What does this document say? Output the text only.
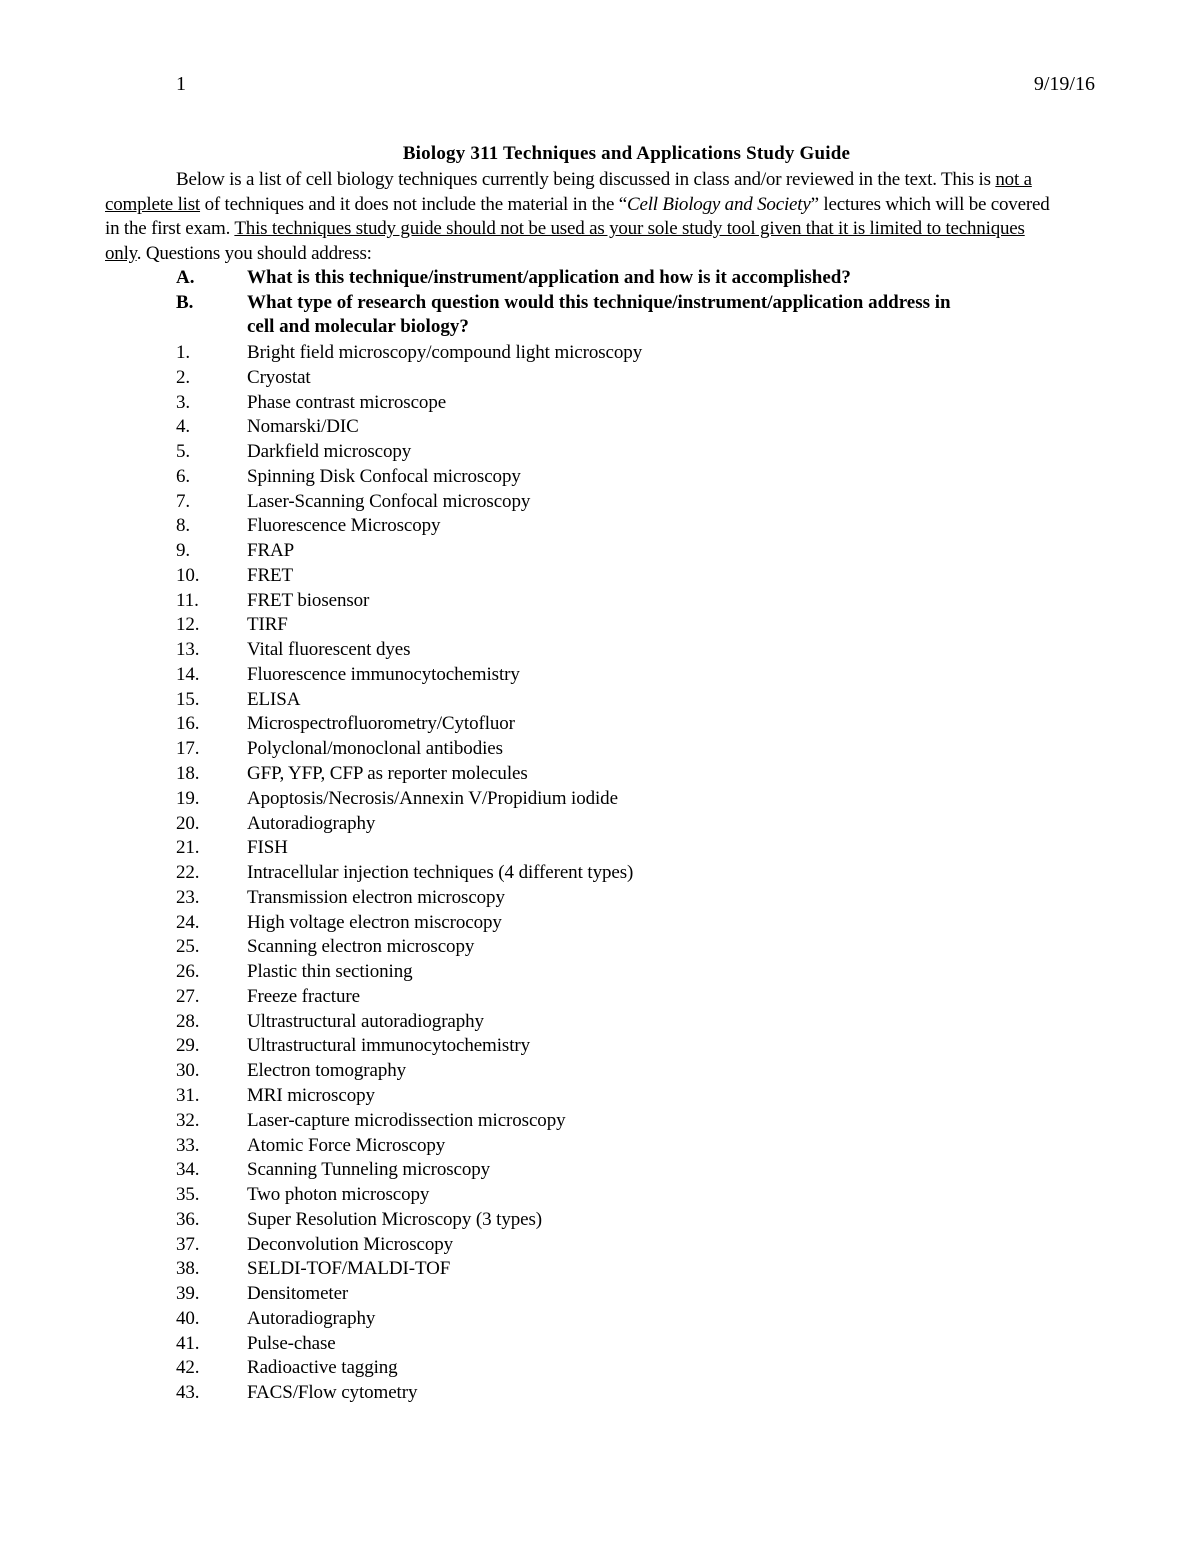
1	9/19/16
Biology 311 Techniques and Applications Study Guide
Below is a list of cell biology techniques currently being discussed in class and/or reviewed in the text. This is not a complete list of techniques and it does not include the material in the “Cell Biology and Society” lectures which will be covered in the first exam. This techniques study guide should not be used as your sole study tool given that it is limited to techniques only. Questions you should address:
A.	What is this technique/instrument/application and how is it accomplished?
B.	What type of research question would this technique/instrument/application address in cell and molecular biology?
1.	Bright field microscopy/compound light microscopy
2.	Cryostat
3.	Phase contrast microscope
4.	Nomarski/DIC
5.	Darkfield microscopy
6.	Spinning Disk Confocal microscopy
7.	Laser-Scanning Confocal microscopy
8.	Fluorescence Microscopy
9.	FRAP
10.	FRET
11.	FRET biosensor
12.	TIRF
13.	Vital fluorescent dyes
14.	Fluorescence immunocytochemistry
15.	ELISA
16.	Microspectrofluorometry/Cytofluor
17.	Polyclonal/monoclonal antibodies
18.	GFP, YFP, CFP as reporter molecules
19.	Apoptosis/Necrosis/Annexin V/Propidium iodide
20.	Autoradiography
21.	FISH
22.	Intracellular injection techniques (4 different types)
23.	Transmission electron microscopy
24.	High voltage electron miscrocopy
25.	Scanning electron microscopy
26.	Plastic thin sectioning
27.	Freeze fracture
28.	Ultrastructural autoradiography
29.	Ultrastructural immunocytochemistry
30.	Electron tomography
31.	MRI microscopy
32.	Laser-capture microdissection microscopy
33.	Atomic Force Microscopy
34.	Scanning Tunneling microscopy
35.	Two photon microscopy
36.	Super Resolution Microscopy (3 types)
37.	Deconvolution Microscopy
38.	SELDI-TOF/MALDI-TOF
39.	Densitometer
40.	Autoradiography
41.	Pulse-chase
42.	Radioactive tagging
43.	FACS/Flow cytometry
